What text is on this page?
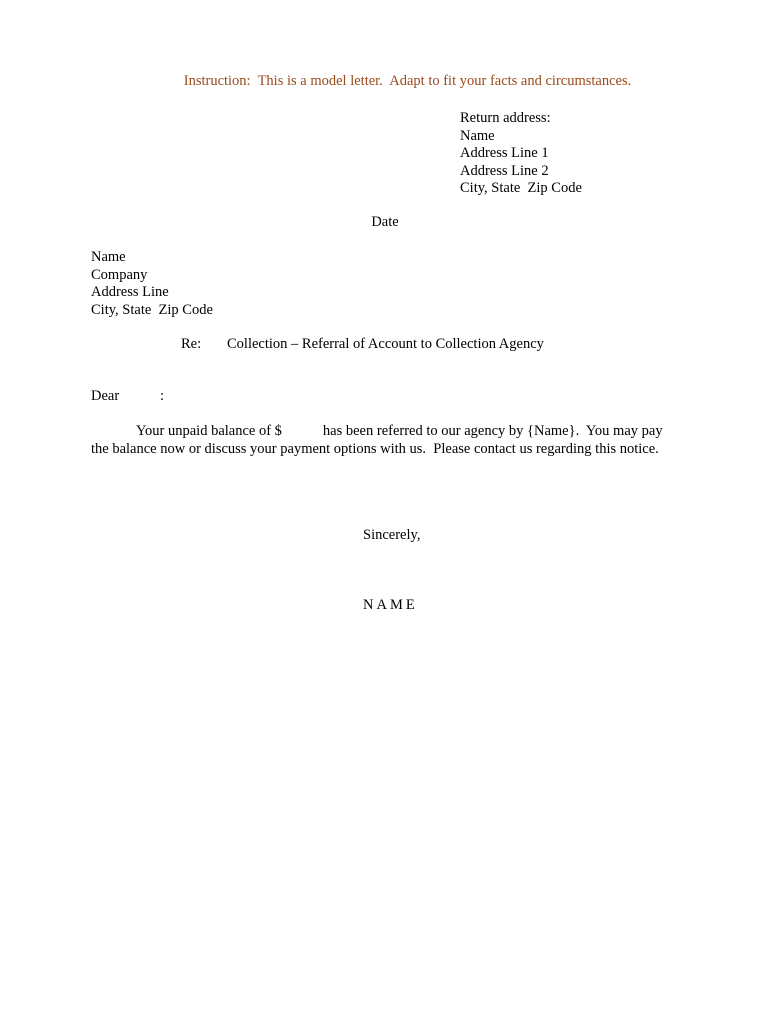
Instruction:  This is a model letter.  Adapt to fit your facts and circumstances.
Return address:
Name
Address Line 1
Address Line 2
City, State  Zip Code
Date
Name
Company
Address Line
City, State  Zip Code
Re: Collection – Referral of Account to Collection Agency
Dear	:
Your unpaid balance of $	has been referred to our agency by {Name}.  You may pay
the balance now or discuss your payment options with us.  Please contact us regarding this notice.
Sincerely,
NAME
